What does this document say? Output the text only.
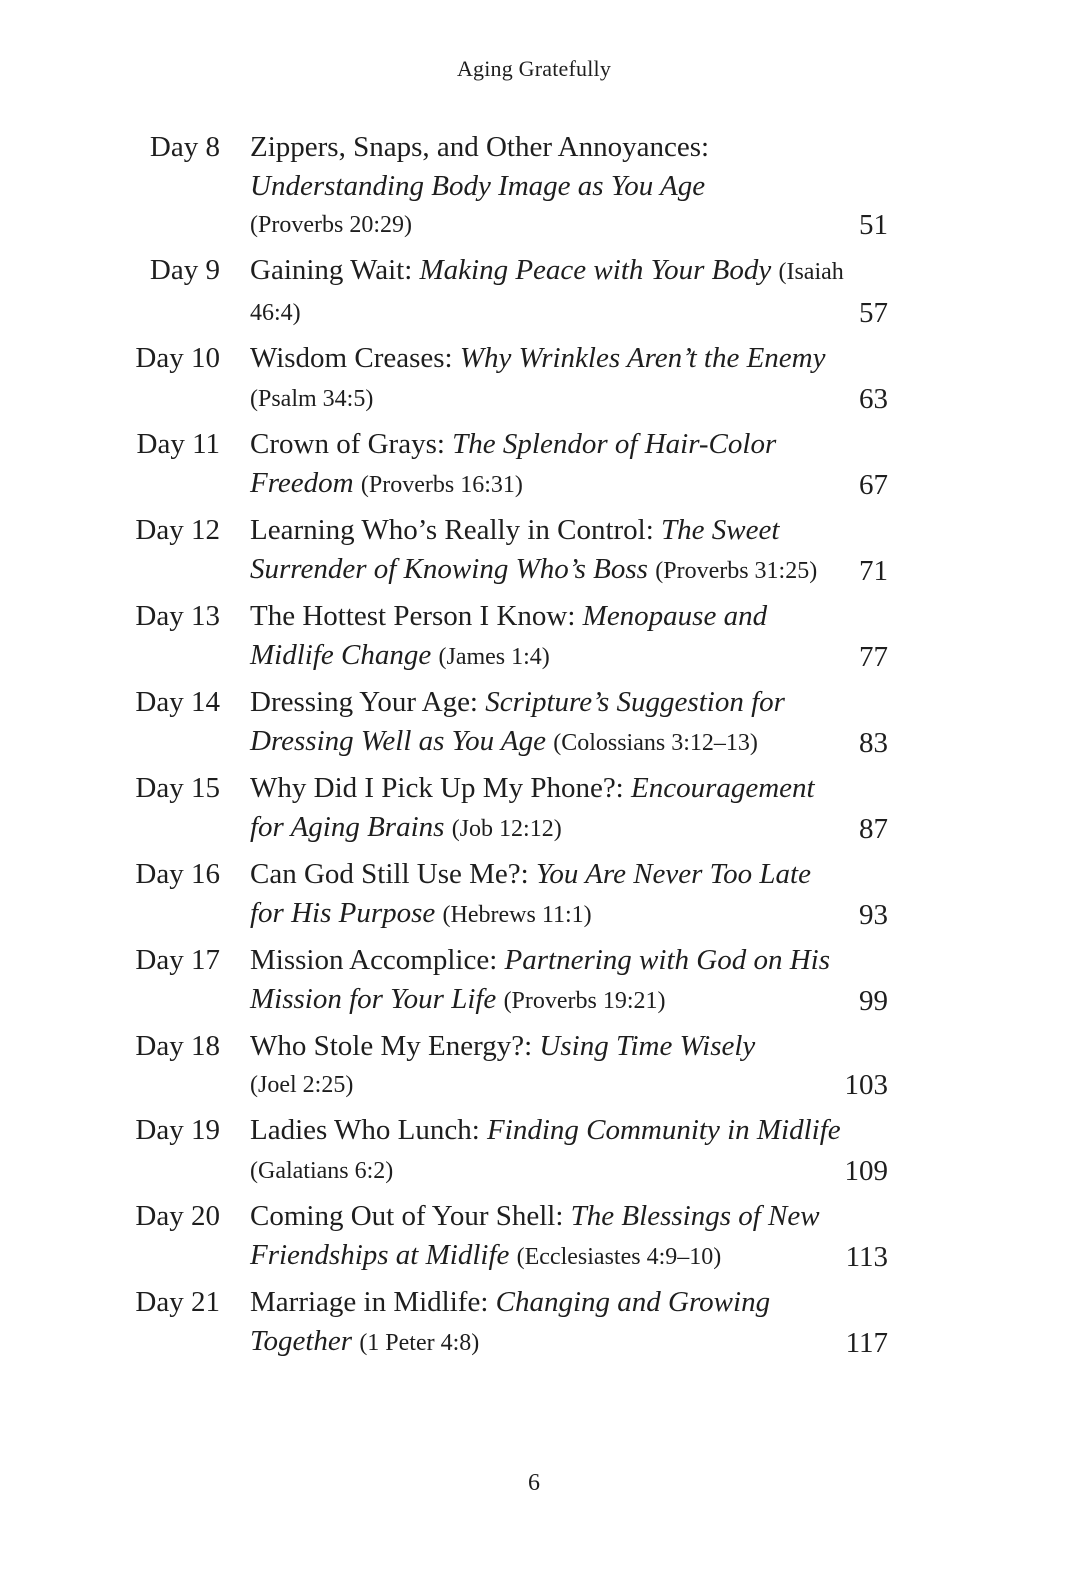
Aging Gratefully
Day 8 Zippers, Snaps, and Other Annoyances:
Understanding Body Image as You Age
(Proverbs 20:29)	51
Day 9 Gaining Wait: Making Peace with Your Body (Isaiah 46:4)	57
Day 10 Wisdom Creases: Why Wrinkles Aren’t the Enemy (Psalm 34:5)	63
Day 11 Crown of Grays: The Splendor of Hair-Color Freedom (Proverbs 16:31)	67
Day 12 Learning Who’s Really in Control: The Sweet Surrender of Knowing Who’s Boss (Proverbs 31:25)	71
Day 13 The Hottest Person I Know: Menopause and Midlife Change (James 1:4)	77
Day 14 Dressing Your Age: Scripture’s Suggestion for Dressing Well as You Age (Colossians 3:12–13)	83
Day 15 Why Did I Pick Up My Phone?: Encouragement for Aging Brains (Job 12:12)	87
Day 16 Can God Still Use Me?: You Are Never Too Late for His Purpose (Hebrews 11:1)	93
Day 17 Mission Accomplice: Partnering with God on His Mission for Your Life (Proverbs 19:21)	99
Day 18 Who Stole My Energy?: Using Time Wisely
(Joel 2:25)	103
Day 19 Ladies Who Lunch: Finding Community in Midlife (Galatians 6:2)	109
Day 20 Coming Out of Your Shell: The Blessings of New Friendships at Midlife (Ecclesiastes 4:9–10)	113
Day 21 Marriage in Midlife: Changing and Growing Together (1 Peter 4:8)	117
6
